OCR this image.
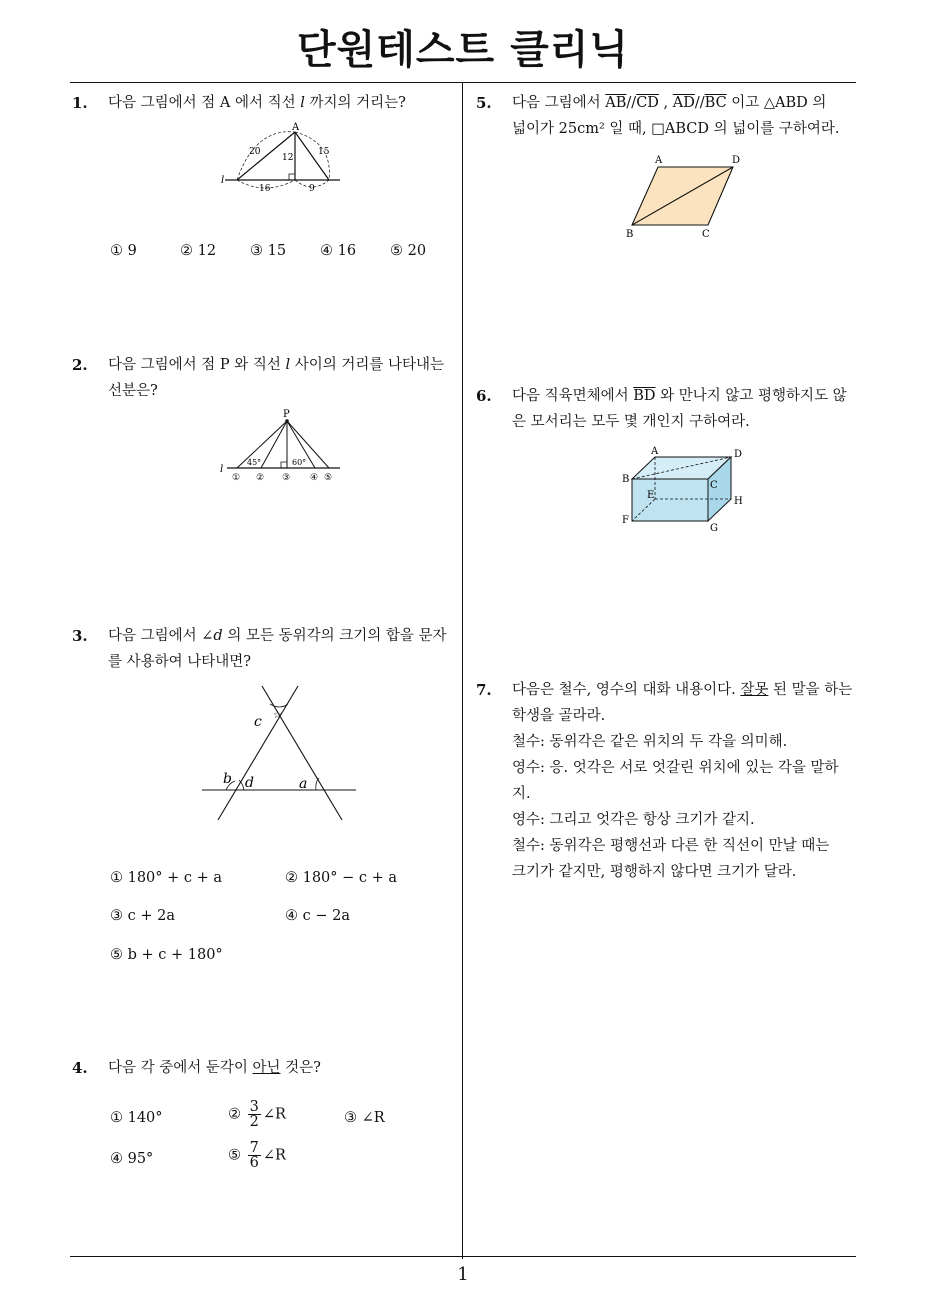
단원테스트 클리닉
1
1. 다음 그림에서 점 A 에서 직선 l 까지의 거리는?
A
l
20
12
15
16	9
① 9	② 12 ③ 15 ④ 16 ⑤ 20
2. 다음 그림에서 점 P 와 직선 l 사이의 거리를 나타내는
선분은?
P
l
45°	60°
① ② ③ ④ ⑤
3. 다음 그림에서 ∠d 의 모든 동위각의 크기의 합을 문자
를 사용하여 나타내면?
c ☆
b d	a
① 180° + c + a	② 180° − c + a
③ c + 2a	④ c − 2a
⑤ b + c + 180°
4. 다음 각 중에서 둔각이 아닌 것은?
① 140°	② $\frac{3}{2}$ ∠R	③ ∠R
④ 95°	⑤ $\frac{7}{6}$ ∠R
5. 다음 그림에서 $\overline{AB}//\overline{CD}$ , $\overline{AD}//\overline{BC}$ 이고 △ABD 의
넓이가 25cm² 일 때, □ABCD 의 넓이를 구하여라.
A	D
B	C
6. 다음 직육면체에서 $\overline{BD}$ 와 만나지 않고 평행하지도 않
은 모서리는 모두 몇 개인지 구하여라.
A	D
B
C
E
H
F
G
7. 다음은 철수, 영수의 대화 내용이다. 잘못 된 말을 하는
학생을 골라라.
철수: 동위각은 같은 위치의 두 각을 의미해.
영수: 응. 엇각은 서로 엇갈린 위치에 있는 각을 말하
지.
영수: 그리고 엇각은 항상 크기가 같지.
철수: 동위각은 평행선과 다른 한 직선이 만날 때는
크기가 같지만, 평행하지 않다면 크기가 달라.
